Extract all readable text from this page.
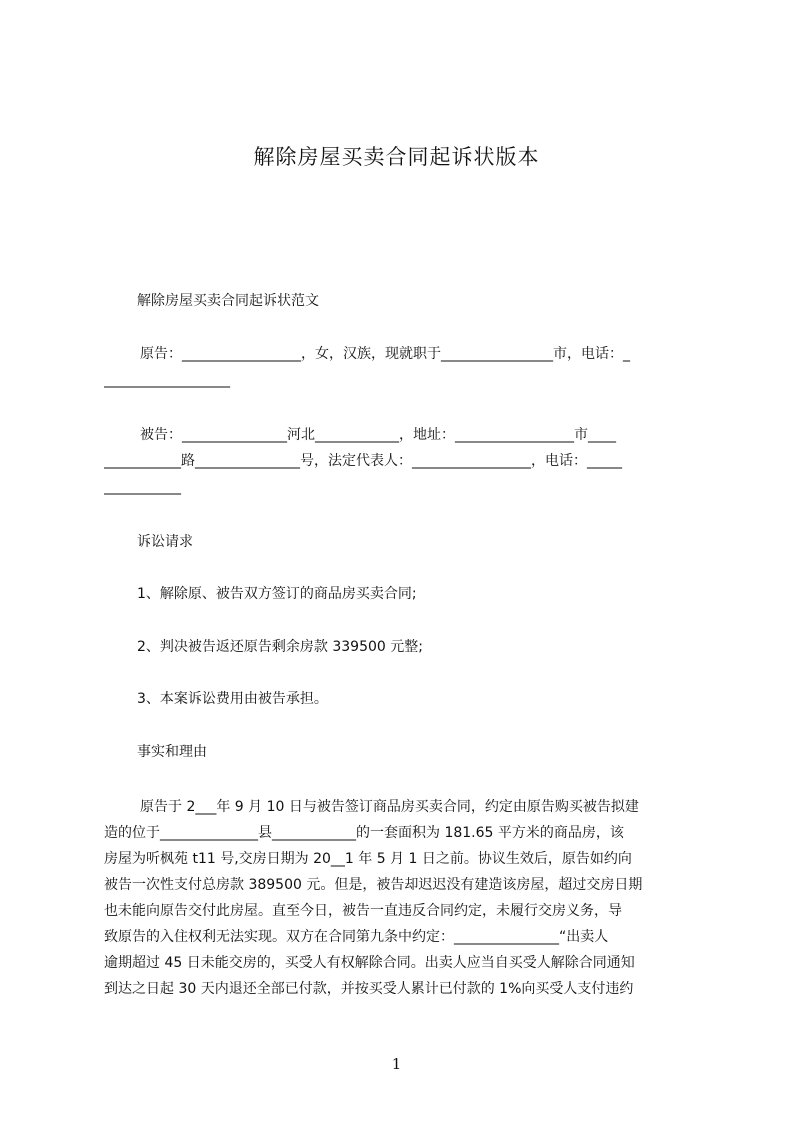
解除房屋买卖合同起诉状版本
解除房屋买卖合同起诉状范文
原告：_________________，女，汉族，现就职于________________市，电话：_
__________________
被告：_______________河北____________，地址：_________________市____
___________路_______________号，法定代表人：_________________，电话：_____
___________
诉讼请求
1、解除原、被告双方签订的商品房买卖合同;
2、判决被告返还原告剩余房款 339500 元整;
3、本案诉讼费用由被告承担。
事实和理由
原告于 2___年 9 月 10 日与被告签订商品房买卖合同，约定由原告购买被告拟建
造的位于______________县____________的一套面积为 181.65 平方米的商品房，该
房屋为听枫苑 t11 号,交房日期为 20__1 年 5 月 1 日之前。协议生效后，原告如约向
被告一次性支付总房款 389500 元。但是，被告却迟迟没有建造该房屋，超过交房日期
也未能向原告交付此房屋。直至今日，被告一直违反合同约定，未履行交房义务，导
致原告的入住权利无法实现。双方在合同第九条中约定：_______________“出卖人
逾期超过 45 日未能交房的，买受人有权解除合同。出卖人应当自买受人解除合同通知
到达之日起 30 天内退还全部已付款，并按买受人累计已付款的 1%向买受人支付违约
1
